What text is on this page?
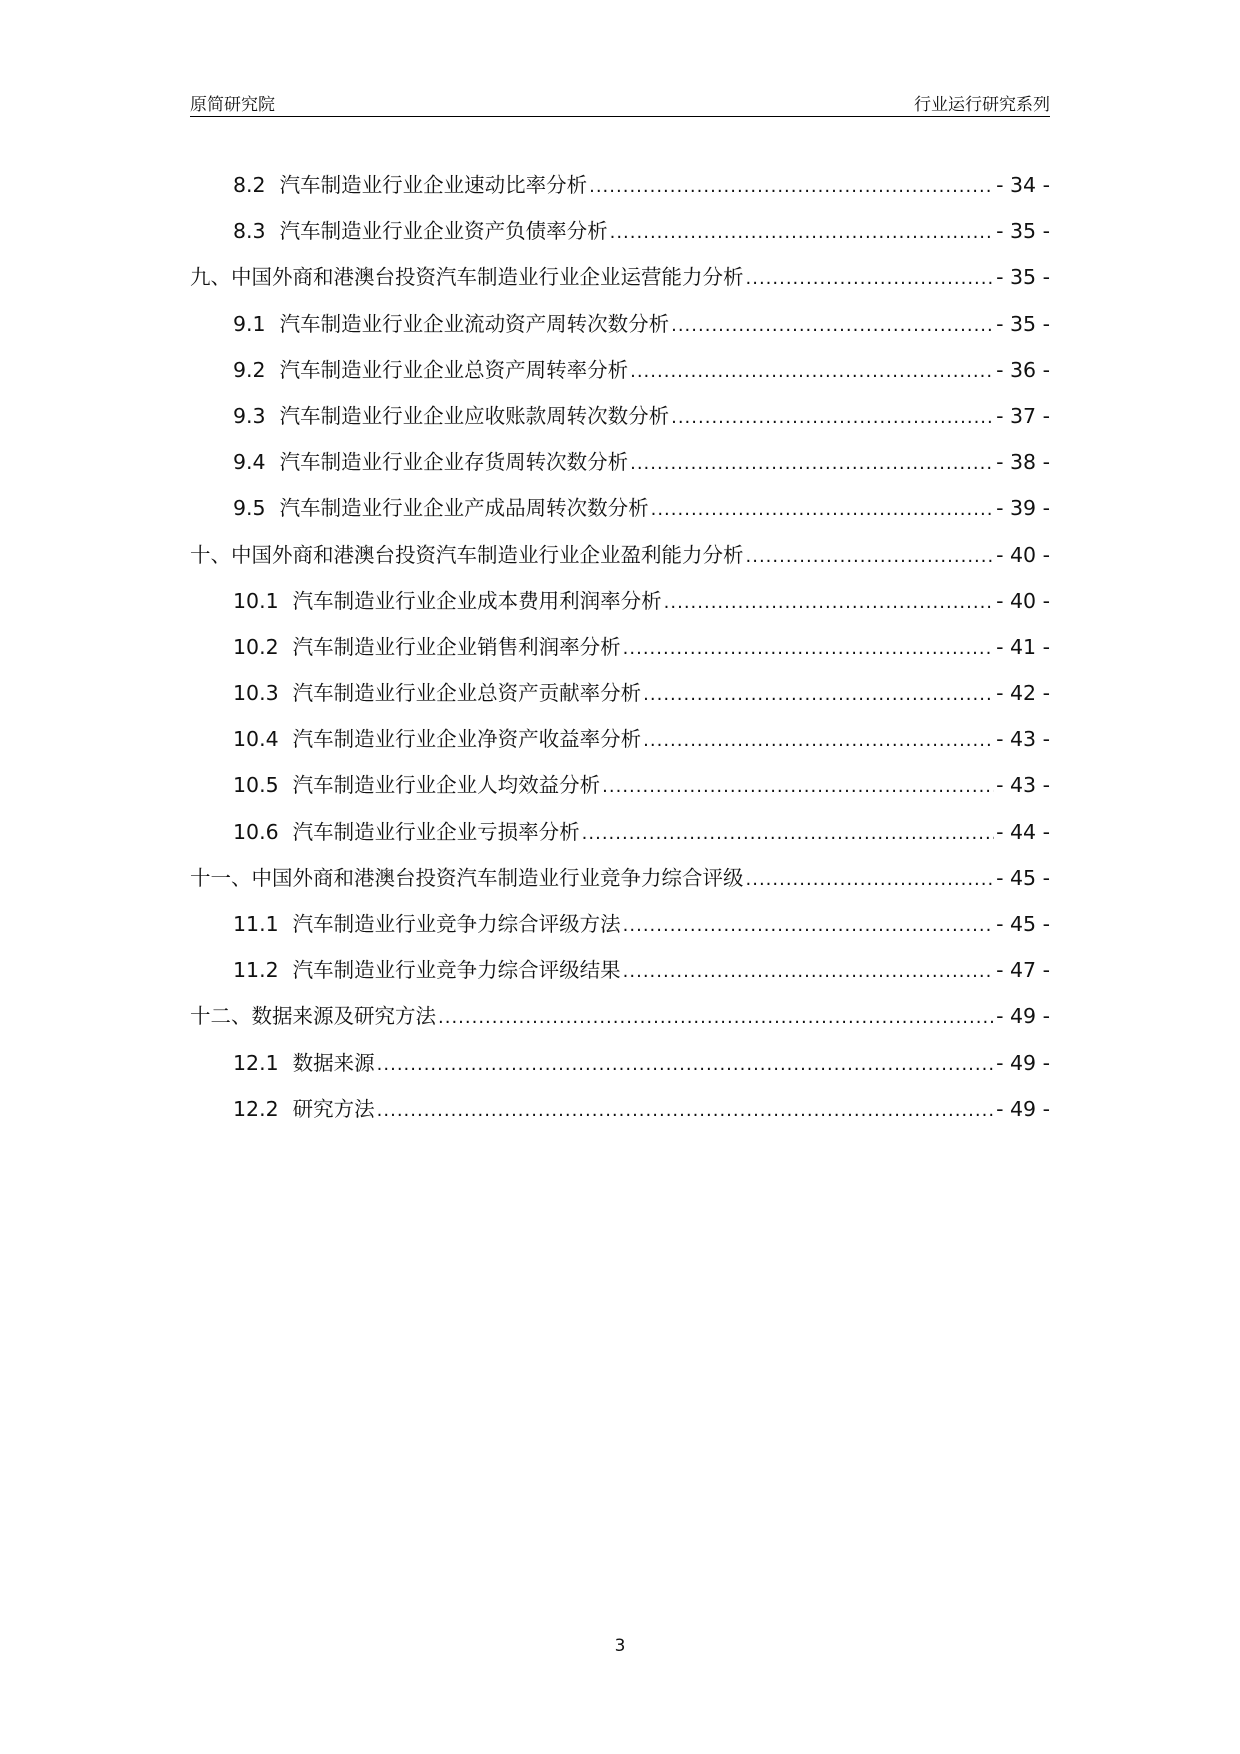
原简研究院	行业运行研究系列
8.2 汽车制造业行业企业速动比率分析 .....	- 34 -
8.3 汽车制造业行业企业资产负债率分析 .....	- 35 -
九、中国外商和港澳台投资汽车制造业行业企业运营能力分析 .....	- 35 -
9.1 汽车制造业行业企业流动资产周转次数分析 .....	- 35 -
9.2 汽车制造业行业企业总资产周转率分析 .....	- 36 -
9.3 汽车制造业行业企业应收账款周转次数分析 .....	- 37 -
9.4 汽车制造业行业企业存货周转次数分析 .....	- 38 -
9.5 汽车制造业行业企业产成品周转次数分析 .....	- 39 -
十、中国外商和港澳台投资汽车制造业行业企业盈利能力分析 .....	- 40 -
10.1 汽车制造业行业企业成本费用利润率分析 .....	- 40 -
10.2 汽车制造业行业企业销售利润率分析 .....	- 41 -
10.3 汽车制造业行业企业总资产贡献率分析 .....	- 42 -
10.4 汽车制造业行业企业净资产收益率分析 .....	- 43 -
10.5 汽车制造业行业企业人均效益分析 .....	- 43 -
10.6 汽车制造业行业企业亏损率分析 .....	- 44 -
十一、中国外商和港澳台投资汽车制造业行业竞争力综合评级 .....	- 45 -
11.1 汽车制造业行业竞争力综合评级方法 .....	- 45 -
11.2 汽车制造业行业竞争力综合评级结果 .....	- 47 -
十二、数据来源及研究方法 .....	- 49 -
12.1 数据来源 .....	- 49 -
12.2 研究方法 .....	- 49 -
3
